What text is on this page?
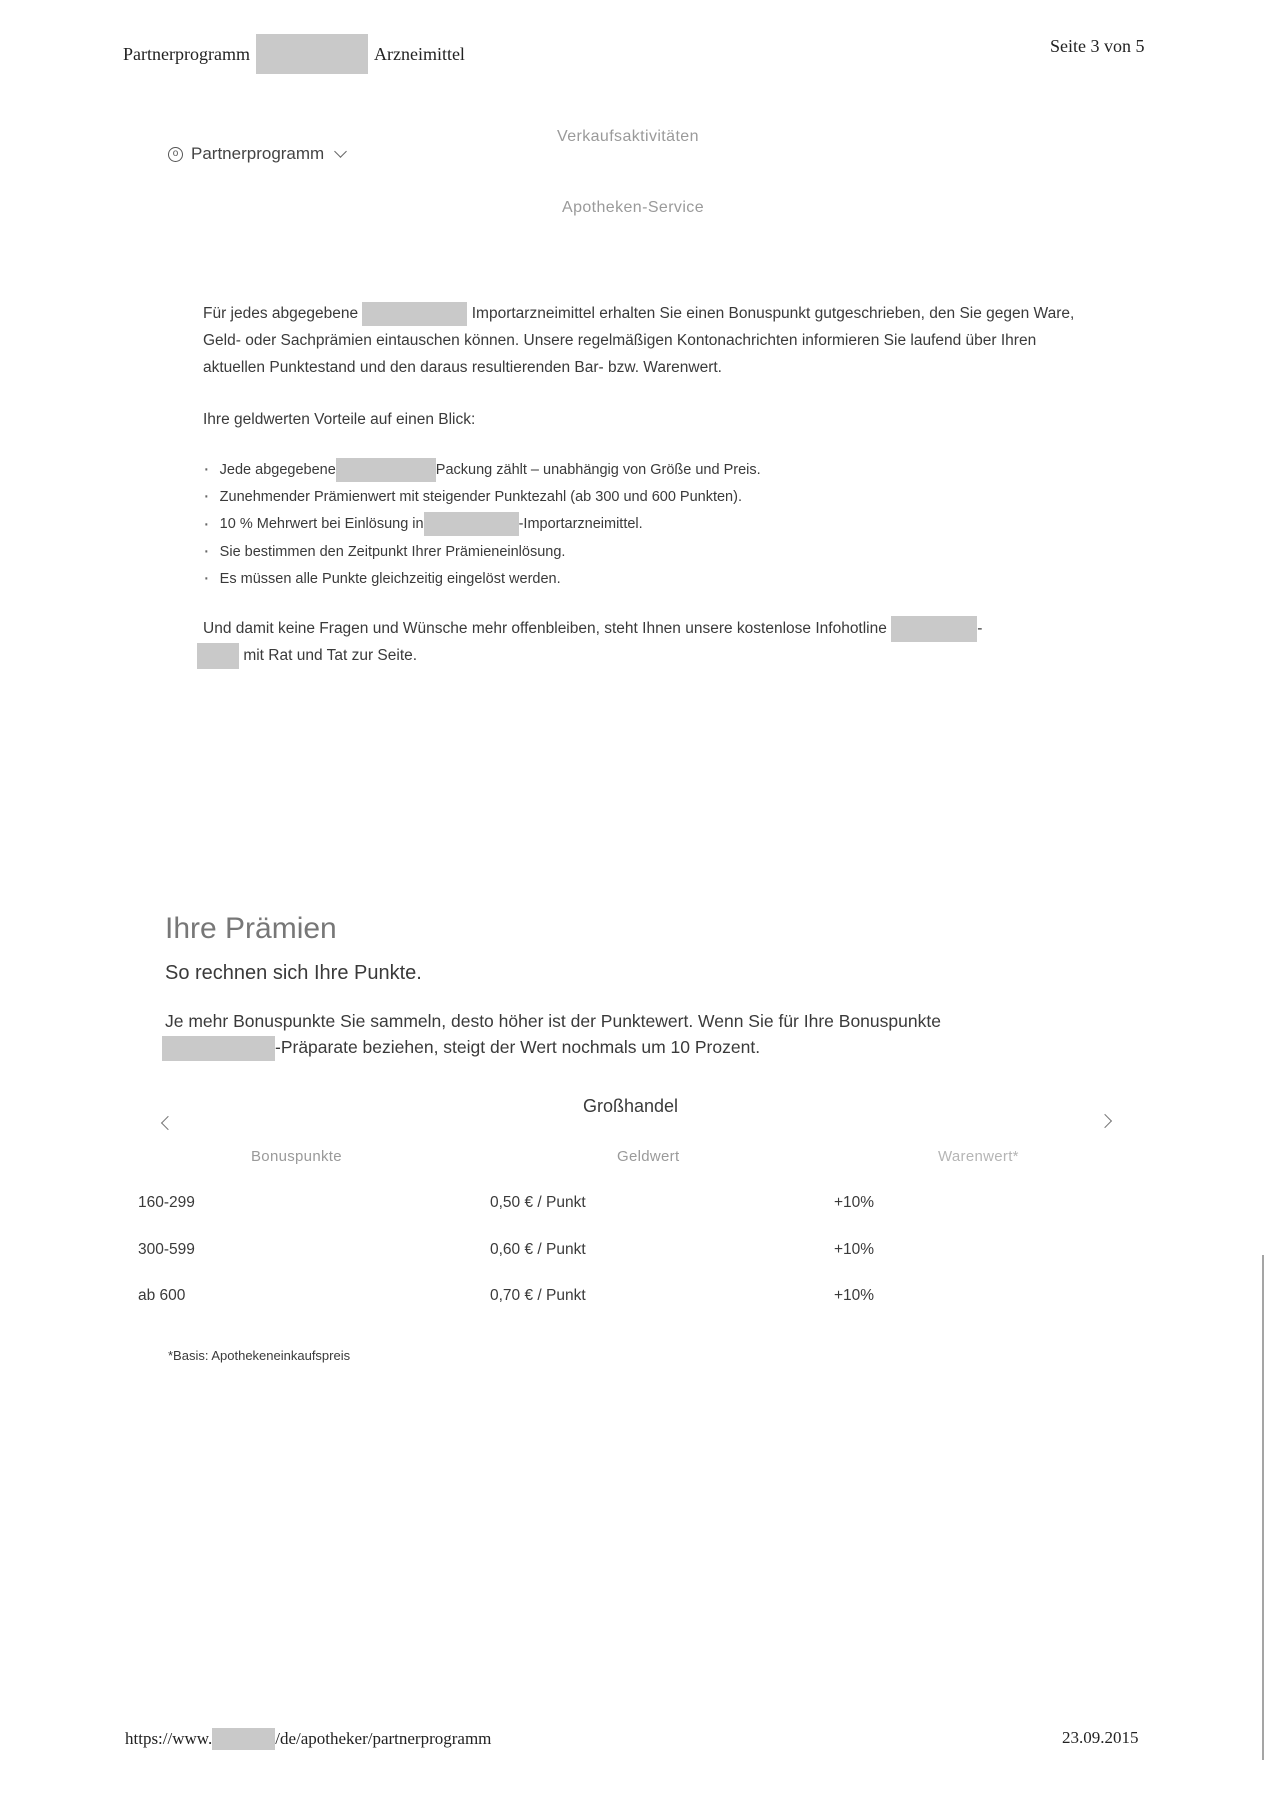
Partnerprogramm	Arzneimittel	Seite 3 von 5
o Partnerprogramm
Verkaufsaktivitäten
Apotheken-Service
Für jedes abgegebene	Importarzneimittel erhalten Sie einen Bonuspunkt gutgeschrieben, den Sie gegen Ware, Geld- oder Sachprämien eintauschen können. Unsere regelmäßigen Kontonachrichten informieren Sie laufend über Ihren aktuellen Punktestand und den daraus resultierenden Bar- bzw. Warenwert.
Ihre geldwerten Vorteile auf einen Blick:
· Jede abgegebene	Packung zählt – unabhängig von Größe und Preis.
· Zunehmender Prämienwert mit steigender Punktezahl (ab 300 und 600 Punkten).
· 10 % Mehrwert bei Einlösung in	-Importarzneimittel.
· Sie bestimmen den Zeitpunkt Ihrer Prämieneinlösung.
· Es müssen alle Punkte gleichzeitig eingelöst werden.
Und damit keine Fragen und Wünsche mehr offenbleiben, steht Ihnen unsere kostenlose Infohotline	-
mit Rat und Tat zur Seite.
Ihre Prämien
So rechnen sich Ihre Punkte.
Je mehr Bonuspunkte Sie sammeln, desto höher ist der Punktewert. Wenn Sie für Ihre Bonuspunkte
-Präparate beziehen, steigt der Wert nochmals um 10 Prozent.
Großhandel
Bonuspunkte	Geldwert	Warenwert*
160-299	0,50 € / Punkt	+10%
300-599	0,60 € / Punkt	+10%
ab 600	0,70 € / Punkt	+10%
*Basis: Apothekeneinkaufspreis
https://www.	/de/apotheker/partnerprogramm	23.09.2015
